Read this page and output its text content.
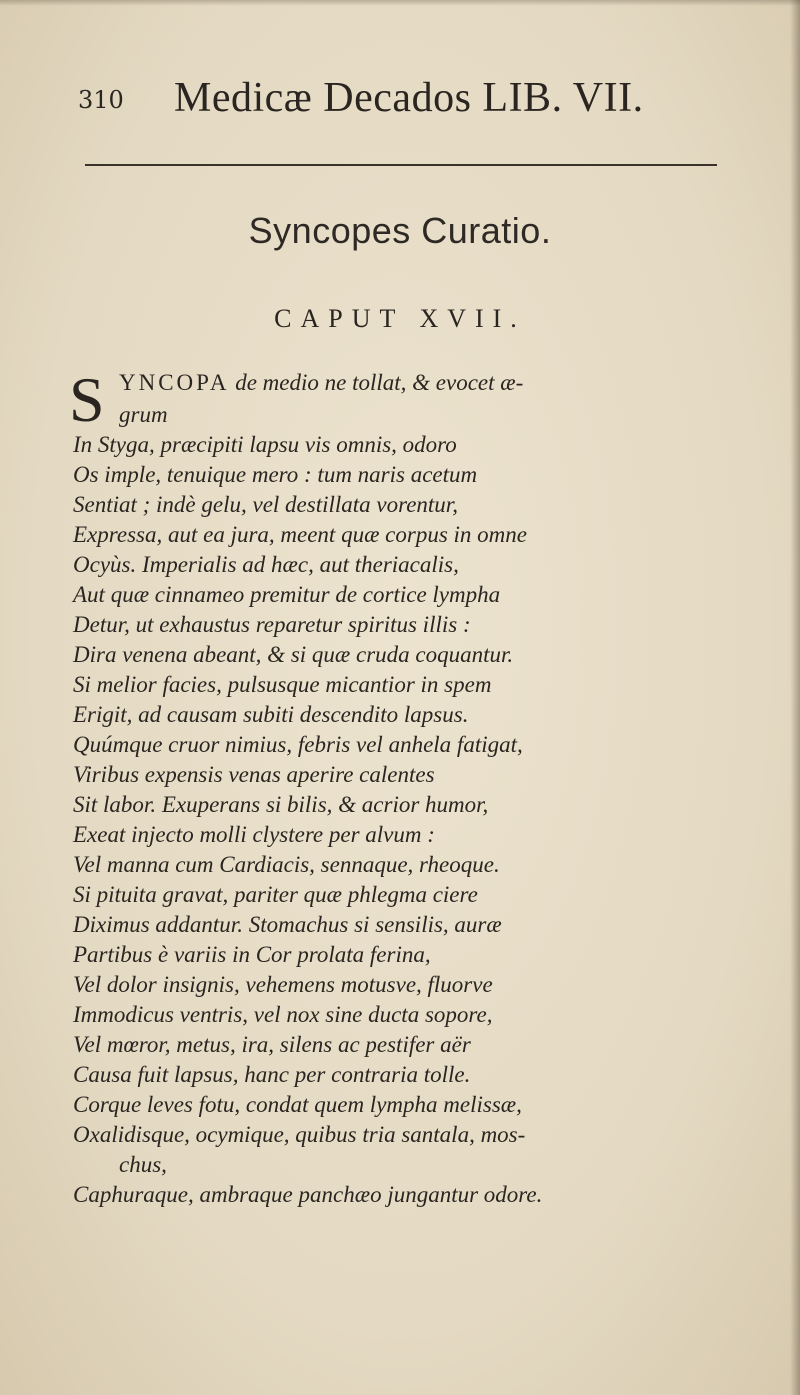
310 Medicæ Decados LIB. VII.
Syncopes Curatio.
CAPUT XVII.
S YNCOPA de medio ne tollat, & evocet æ-
grum
In Styga, præcipiti lapsu vis omnis, odoro
Os imple, tenuique mero : tum naris acetum
Sentiat ; indè gelu, vel destillata vorentur,
Expressa, aut ea jura, meent quæ corpus in omne
Ocyùs. Imperialis ad hæc, aut theriacalis,
Aut quæ cinnameo premitur de cortice lympha
Detur, ut exhaustus reparetur spiritus illis :
Dira venena abeant, & si quæ cruda coquantur.
Si melior facies, pulsusque micantior in spem
Erigit, ad causam subiti descendito lapsus.
Quúmque cruor nimius, febris vel anhela fatigat,
Viribus expensis venas aperire calentes
Sit labor. Exuperans si bilis, & acrior humor,
Exeat injecto molli clystere per alvum :
Vel manna cum Cardiacis, sennaque, rheoque.
Si pituita gravat, pariter quæ phlegma ciere
Diximus addantur. Stomachus si sensilis, auræ
Partibus è variis in Cor prolata ferina,
Vel dolor insignis, vehemens motusve, fluorve
Immodicus ventris, vel nox sine ducta sopore,
Vel mœror, metus, ira, silens ac pestifer aër
Causa fuit lapsus, hanc per contraria tolle.
Corque leves fotu, condat quem lympha melissæ,
Oxalidisque, ocymique, quibus tria santala, mos-
chus,
Caphuraque, ambraque panchæo jungantur odore.
